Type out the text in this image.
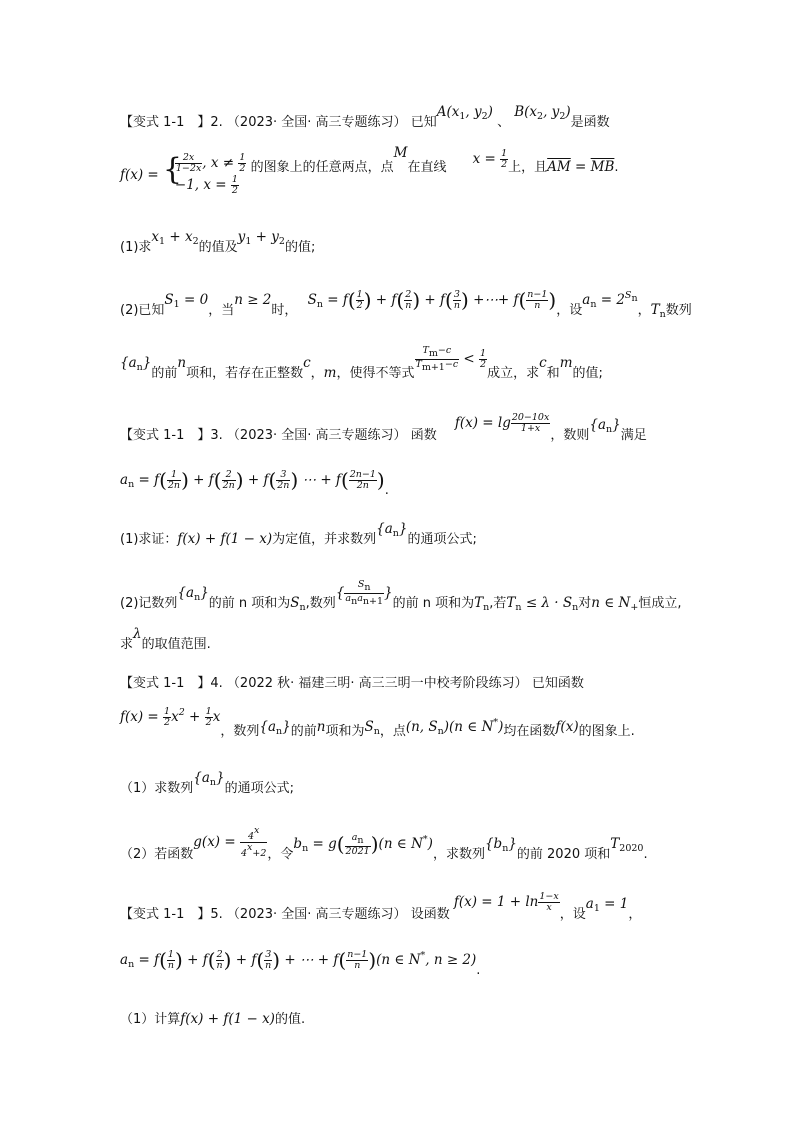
【变式 1-1　】2. （2023· 全国· 高三专题练习） 已知$A(x_1$, $y_2$) 、 $B(x_2$, $y_2$)是函数
f(x) = {
$\frac{2x}{1-2x}$ , $x \ne \frac{1}{2}$
−1, $x = \frac{1}{2}$
的图象上的任意两点，点M在直线 $x = \frac{1}{2}$ 上，且$\overline{AM} = \overline{MB}$.
(1)求$x_1 + x_2$的值及$y_1 + y_2$的值;
(2)已知$S_1 = 0$，当n ≥ 2时， $S_n = f( \frac{1}{2}$ ) + $f( \frac{2}{n}$ ) + $f( \frac{3}{n}$ ) +⋯+ $f( \frac{n-1}{n}$ )，设$a_n = 2^{Sn}$，$T_n$数列
$\{a_n\}$的前n项和，若存在正整数c，m，使得不等式
$\frac{Tm-c}{Tm+1-c} < \frac{1}{2}$
成立，求c和m的值;
【变式 1-1　】3. （2023· 全国· 高三专题练习） 函数 $f(x) = \lg \frac{20-10x}{1+x}$
，数则$\{a_n\}$满足
$a_n = f( \frac{1}{2n}$ ) + $f( \frac{2}{2n}$ ) + $f( \frac{3}{2n}$ ) ⋯ + $f( \frac{2n-1}{2n}$ ).
(1)求证：f(x) + f(1 − x)为定值，并求数列$\{a_n\}$的通项公式;
(2)记数列$\{a_n\}$的前 n 项和为$S_n$,数列{ $\frac{Sn}{\text{anan+1}}$ }的前 n 项和为$T_n$,若$T_n \le \lambda \cdot S_n$对n ∈ $N_+$恒成立,
求λ的取值范围.
【变式 1-1　】4. （2022 秋· 福建三明· 高三三明一中校考阶段练习） 已知函数
$f(x) = \frac{1}{2} x^2 + \frac{1}{2}$ x，数列$\{a_n\}$的前n项和为$S_n$，点(n, $S_n)(n$ ∈ N*)均在函数f(x)的图象上.
（1）求数列$\{a_n\}$的通项公式;
（2）若函数$g(x) = \frac{4x}{4x+2}$ ，令$b_n = g( \frac{an}{2021} )(n$ ∈ N*)，求数列$\{b_n\}$的前 2020 项和$T_{2020}$.
【变式 1-1　】5. （2023· 全国· 高三专题练习） 设函数 $f(x) = 1 + \ln \frac{1-x}{x}$
，设$a_1 = 1$，
$a_n = f( \frac{1}{n}$ ) + $f( \frac{2}{n}$ ) + $f( \frac{3}{n}$ ) + ⋯ + $f( \frac{n-1}{n} )(n$ ∈ N*, n ≥ 2).
（1）计算f(x) + f(1 − x)的值.
